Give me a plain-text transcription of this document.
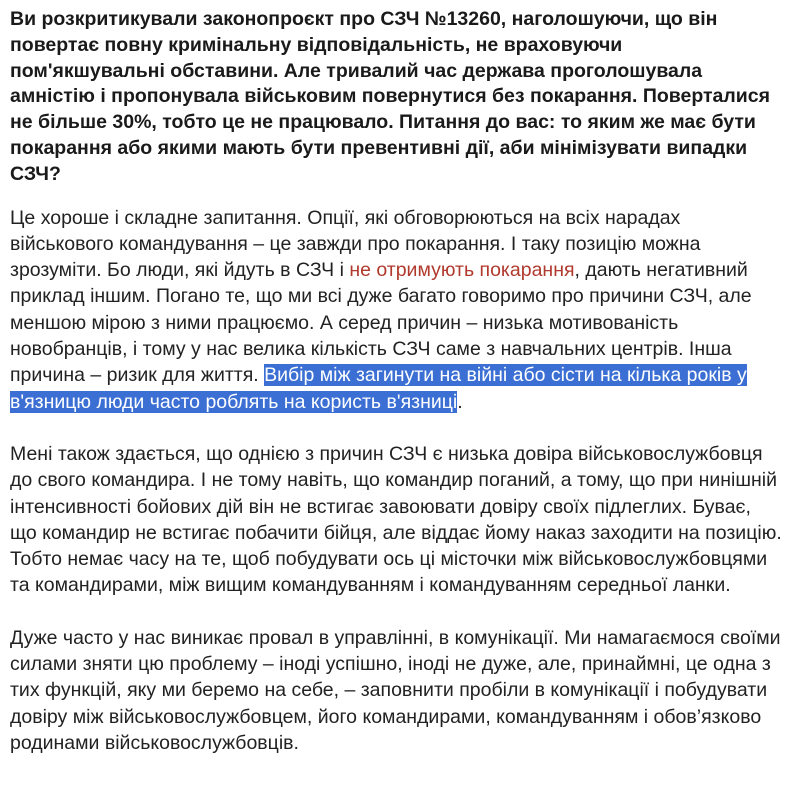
Ви розкритикували законопроєкт про СЗЧ №13260, наголошуючи, що він повертає повну кримінальну відповідальність, не враховуючи пом'якшувальні обставини. Але тривалий час держава проголошувала амністію і пропонувала військовим повернутися без покарання. Поверталися не більше 30%, тобто це не працювало. Питання до вас: то яким же має бути покарання або якими мають бути превентивні дії, аби мінімізувати випадки СЗЧ?

Це хороше і складне запитання. Опції, які обговорюються на всіх нарадах військового командування – це завжди про покарання. І таку позицію можна зрозуміти. Бо люди, які йдуть в СЗЧ і не отримують покарання, дають негативний приклад іншим. Погано те, що ми всі дуже багато говоримо про причини СЗЧ, але меншою мірою з ними працюємо. А серед причин – низька мотивованість новобранців, і тому у нас велика кількість СЗЧ саме з навчальних центрів. Інша причина – ризик для життя. Вибір між загинути на війні або сісти на кілька років у в'язницю люди часто роблять на користь в'язниці.

Мені також здається, що однією з причин СЗЧ є низька довіра військовослужбовця до свого командира. І не тому навіть, що командир поганий, а тому, що при нинішній інтенсивності бойових дій він не встигає завоювати довіру своїх підлеглих. Буває, що командир не встигає побачити бійця, але віддає йому наказ заходити на позицію. Тобто немає часу на те, щоб побудувати ось ці місточки між військовослужбовцями та командирами, між вищим командуванням і командуванням середньої ланки.

Дуже часто у нас виникає провал в управлінні, в комунікації. Ми намагаємося своїми силами зняти цю проблему – іноді успішно, іноді не дуже, але, принаймні, це одна з тих функцій, яку ми беремо на себе, – заповнити пробіли в комунікації і побудувати довіру між військовослужбовцем, його командирами, командуванням і обов’язково родинами військовослужбовців.
